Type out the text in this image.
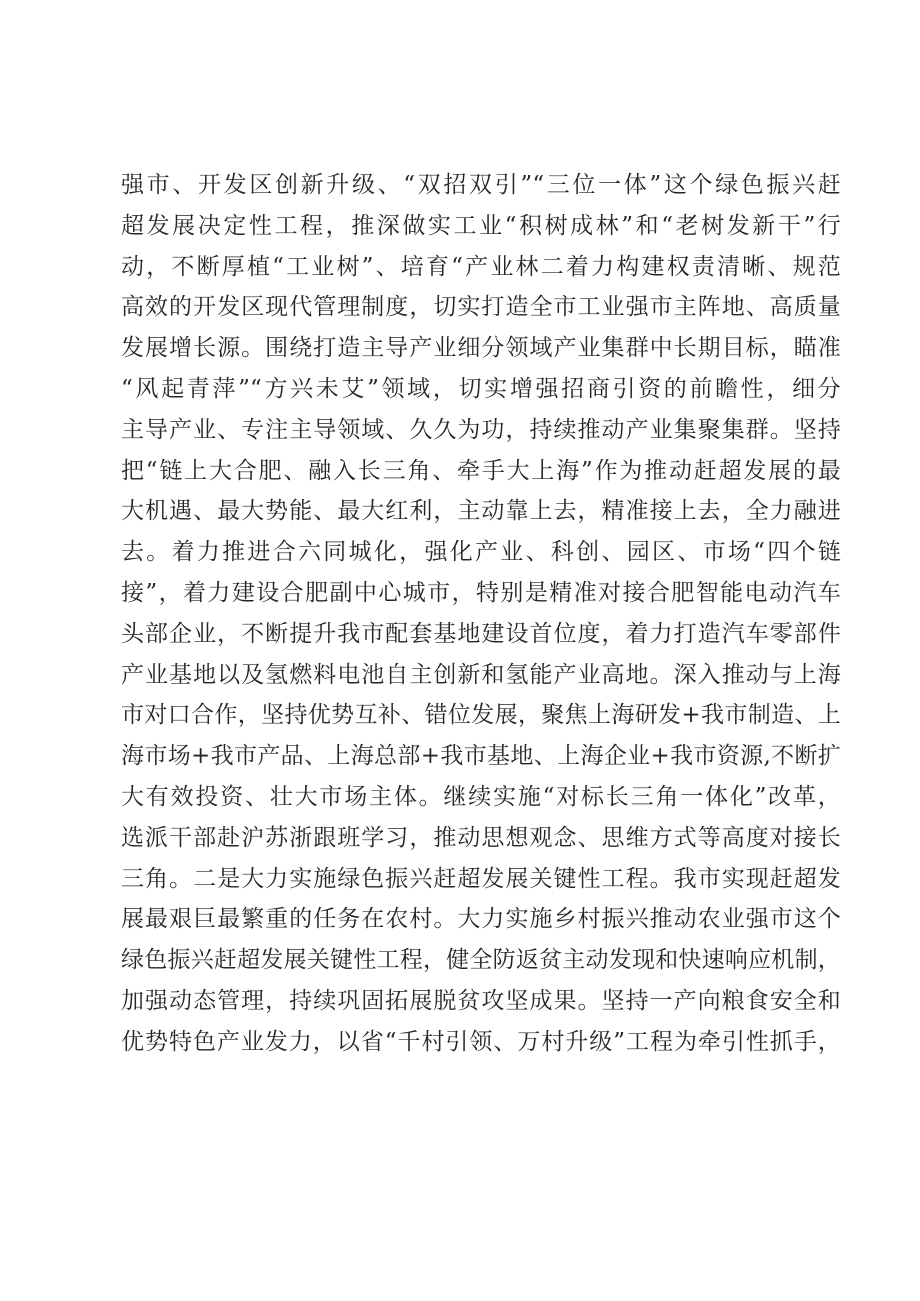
强市、开发区创新升级、“双招双引”“三位一体”这个绿色振兴赶
超发展决定性工程，推深做实工业“积树成林”和“老树发新干”行
动，不断厚植“工业树”、培育“产业林二着力构建权责清晰、规范
高效的开发区现代管理制度，切实打造全市工业强市主阵地、高质量
发展增长源。围绕打造主导产业细分领域产业集群中长期目标，瞄准
“风起青萍”“方兴未艾”领域，切实增强招商引资的前瞻性，细分
主导产业、专注主导领域、久久为功，持续推动产业集聚集群。坚持
把“链上大合肥、融入长三角、牵手大上海”作为推动赶超发展的最
大机遇、最大势能、最大红利，主动靠上去，精准接上去，全力融进
去。着力推进合六同城化，强化产业、科创、园区、市场“四个链
接”，着力建设合肥副中心城市，特别是精准对接合肥智能电动汽车
头部企业，不断提升我市配套基地建设首位度，着力打造汽车零部件
产业基地以及氢燃料电池自主创新和氢能产业高地。深入推动与上海
市对口合作，坚持优势互补、错位发展，聚焦上海研发+我市制造、上
海市场+我市产品、上海总部+我市基地、上海企业+我市资源,不断扩
大有效投资、壮大市场主体。继续实施“对标长三角一体化”改革，
选派干部赴沪苏浙跟班学习，推动思想观念、思维方式等高度对接长
三角。二是大力实施绿色振兴赶超发展关键性工程。我市实现赶超发
展最艰巨最繁重的任务在农村。大力实施乡村振兴推动农业强市这个
绿色振兴赶超发展关键性工程，健全防返贫主动发现和快速响应机制，
加强动态管理，持续巩固拓展脱贫攻坚成果。坚持一产向粮食安全和
优势特色产业发力，以省“千村引领、万村升级”工程为牵引性抓手，
